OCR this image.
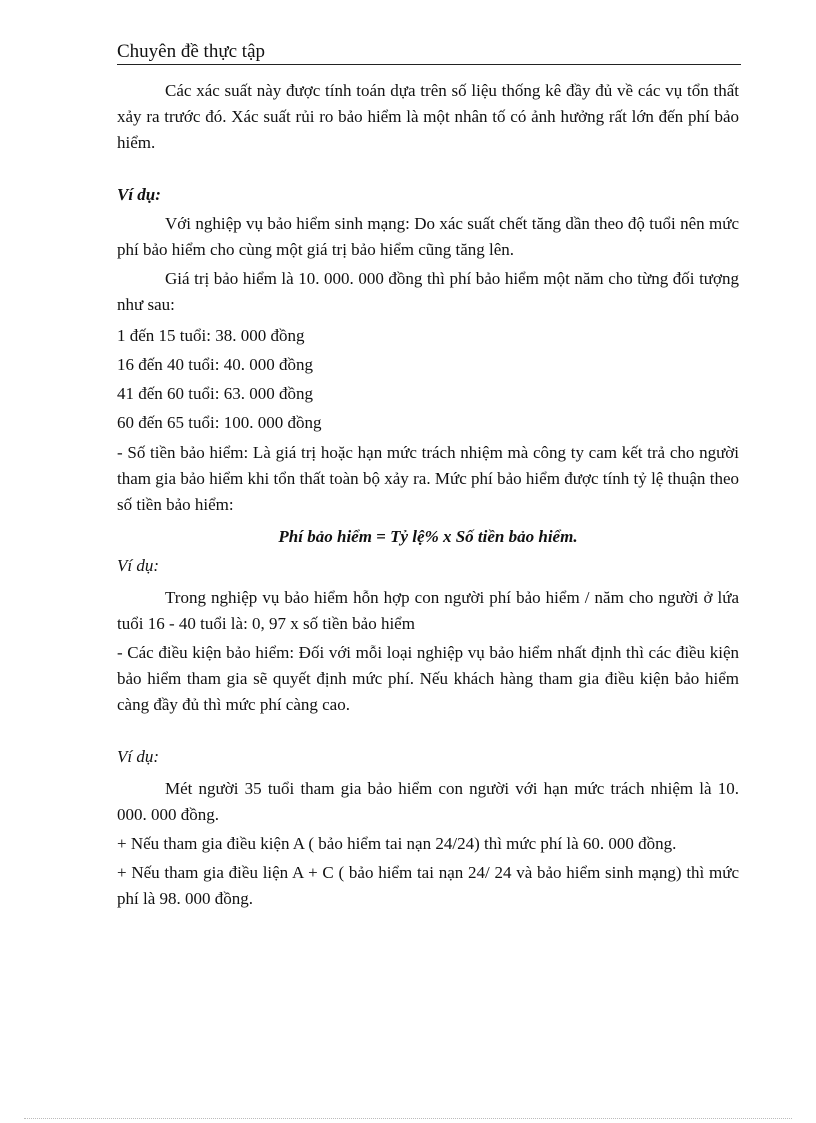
Chuyên đề thực tập

Các xác suất này được tính toán dựa trên số liệu thống kê đầy đủ về các vụ tổn thất xảy ra trước đó. Xác suất rủi ro bảo hiểm là một nhân tố có ảnh hưởng rất lớn đến phí bảo hiểm.

Ví dụ:

Với nghiệp vụ bảo hiểm sinh mạng: Do xác suất chết tăng dần theo độ tuổi nên mức phí bảo hiểm cho cùng một giá trị bảo hiểm cũng tăng lên.

Giá trị bảo hiểm là 10. 000. 000 đồng thì phí bảo hiểm một năm cho từng đối tượng như sau:

1 đến 15 tuổi: 38. 000 đồng

16 đến 40 tuổi: 40. 000 đồng

41 đến 60 tuổi: 63. 000 đồng

60 đến 65 tuổi: 100. 000 đồng

- Số tiền bảo hiểm: Là giá trị hoặc hạn mức trách nhiệm mà công ty cam kết trả cho người tham gia bảo hiểm khi tổn thất toàn bộ xảy ra. Mức phí bảo hiểm được tính tỷ lệ thuận theo số tiền bảo hiểm:

Phí bảo hiểm = Tỷ lệ% x Số tiền bảo hiểm.

Ví dụ:

Trong nghiệp vụ bảo hiểm hỗn hợp con người phí bảo hiểm / năm cho người ở lứa tuổi 16 - 40 tuổi là: 0, 97 x số tiền bảo hiểm

- Các điều kiện bảo hiểm: Đối với mỗi loại nghiệp vụ bảo hiểm nhất định thì các điều kiện bảo hiểm tham gia sẽ quyết định mức phí. Nếu khách hàng tham gia điều kiện bảo hiểm càng đầy đủ thì mức phí càng cao.

Ví dụ:

Mét người 35 tuổi tham gia bảo hiểm con người với hạn mức trách nhiệm là 10. 000. 000 đồng.

+ Nếu tham gia điều kiện A ( bảo hiểm tai nạn 24/24) thì mức phí là 60. 000 đồng.

+ Nếu tham gia điều liện A + C ( bảo hiểm tai nạn 24/ 24 và bảo hiểm sinh mạng) thì mức phí là 98. 000 đồng.
